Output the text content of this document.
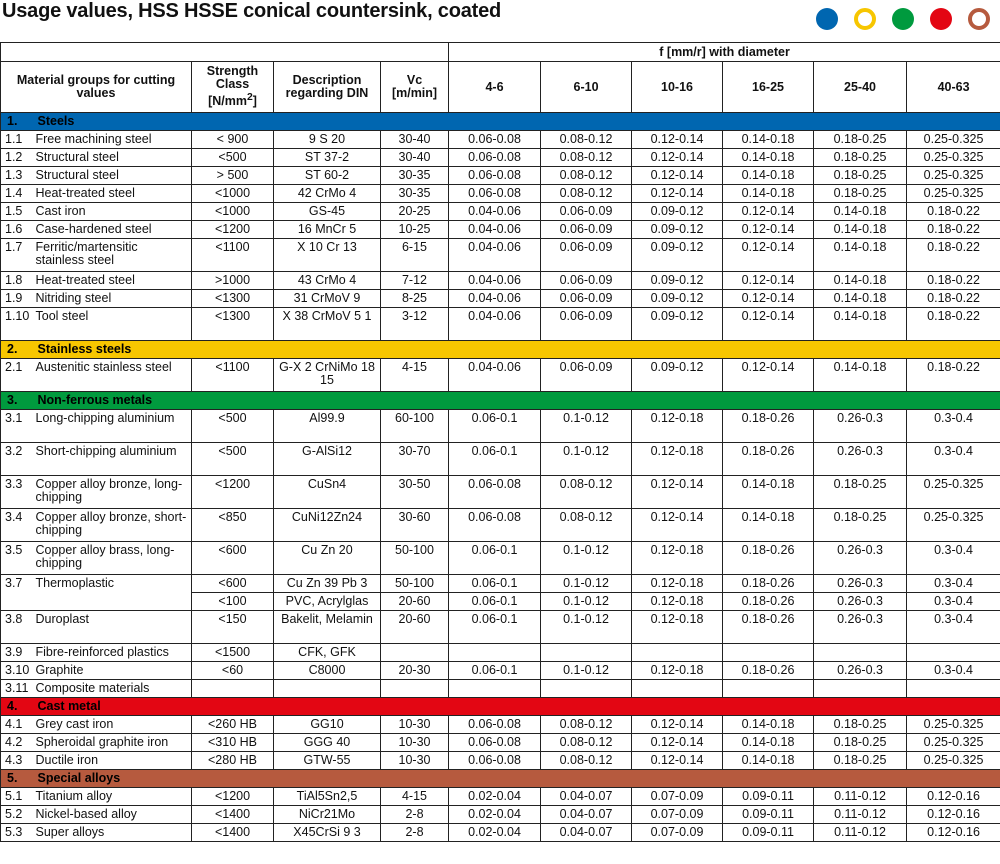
Usage values, HSS HSSE conical countersink, coated
					f [mm/r] with diameter					
Material groups for cutting values		Strength Class $[N/mm^2]$	Description regarding DIN	Vc [m/min]	4-6	6-10	10-16	16-25	25-40	40-63
1.	Steels									
1.1	Free machining steel	< 900	9 S 20	30-40	0.06-0.08	0.08-0.12	0.12-0.14	0.14-0.18	0.18-0.25	0.25-0.325
1.2	Structural steel	<500	ST 37-2	30-40	0.06-0.08	0.08-0.12	0.12-0.14	0.14-0.18	0.18-0.25	0.25-0.325
1.3	Structural steel	> 500	ST 60-2	30-35	0.06-0.08	0.08-0.12	0.12-0.14	0.14-0.18	0.18-0.25	0.25-0.325
1.4	Heat-treated steel	<1000	42 CrMo 4	30-35	0.06-0.08	0.08-0.12	0.12-0.14	0.14-0.18	0.18-0.25	0.25-0.325
1.5	Cast iron	<1000	GS-45	20-25	0.04-0.06	0.06-0.09	0.09-0.12	0.12-0.14	0.14-0.18	0.18-0.22
1.6	Case-hardened steel	<1200	16 MnCr 5	10-25	0.04-0.06	0.06-0.09	0.09-0.12	0.12-0.14	0.14-0.18	0.18-0.22
1.7	Ferritic/martensitic stainless steel	<1100	X 10 Cr 13	6-15	0.04-0.06	0.06-0.09	0.09-0.12	0.12-0.14	0.14-0.18	0.18-0.22
1.8	Heat-treated steel	>1000	43 CrMo 4	7-12	0.04-0.06	0.06-0.09	0.09-0.12	0.12-0.14	0.14-0.18	0.18-0.22
1.9	Nitriding steel	<1300	31 CrMoV 9	8-25	0.04-0.06	0.06-0.09	0.09-0.12	0.12-0.14	0.14-0.18	0.18-0.22
1.10	Tool steel	<1300	X 38 CrMoV 5 1	3-12	0.04-0.06	0.06-0.09	0.09-0.12	0.12-0.14	0.14-0.18	0.18-0.22
2.	Stainless steels									
2.1	Austenitic stainless steel	<1100	G-X 2 CrNiMo 18 15	4-15	0.04-0.06	0.06-0.09	0.09-0.12	0.12-0.14	0.14-0.18	0.18-0.22
3.	Non-ferrous metals									
3.1	Long-chipping aluminium	<500	Al99.9	60-100	0.06-0.1	0.1-0.12	0.12-0.18	0.18-0.26	0.26-0.3	0.3-0.4
3.2	Short-chipping aluminium	<500	G-AlSi12	30-70	0.06-0.1	0.1-0.12	0.12-0.18	0.18-0.26	0.26-0.3	0.3-0.4
3.3	Copper alloy bronze, long-chipping	<1200	CuSn4	30-50	0.06-0.08	0.08-0.12	0.12-0.14	0.14-0.18	0.18-0.25	0.25-0.325
3.4	Copper alloy bronze, short-chipping	<850	CuNi12Zn24	30-60	0.06-0.08	0.08-0.12	0.12-0.14	0.14-0.18	0.18-0.25	0.25-0.325
3.5	Copper alloy brass, long-chipping	<600	Cu Zn 20	50-100	0.06-0.1	0.1-0.12	0.12-0.18	0.18-0.26	0.26-0.3	0.3-0.4
3.7	Thermoplastic	<600	Cu Zn 39 Pb 3	50-100	0.06-0.1	0.1-0.12	0.12-0.18	0.18-0.26	0.26-0.3	0.3-0.4
		<100	PVC, Acrylglas	20-60	0.06-0.1	0.1-0.12	0.12-0.18	0.18-0.26	0.26-0.3	0.3-0.4
3.8	Duroplast	<150	Bakelit, Melamin	20-60	0.06-0.1	0.1-0.12	0.12-0.18	0.18-0.26	0.26-0.3	0.3-0.4
3.9	Fibre-reinforced plastics	<1500	CFK, GFK							
3.10	Graphite	<60	C8000	20-30	0.06-0.1	0.1-0.12	0.12-0.18	0.18-0.26	0.26-0.3	0.3-0.4
3.11	Composite materials									
4.	Cast metal									
4.1	Grey cast iron	<260 HB	GG10	10-30	0.06-0.08	0.08-0.12	0.12-0.14	0.14-0.18	0.18-0.25	0.25-0.325
4.2	Spheroidal graphite iron	<310 HB	GGG 40	10-30	0.06-0.08	0.08-0.12	0.12-0.14	0.14-0.18	0.18-0.25	0.25-0.325
4.3	Ductile iron	<280 HB	GTW-55	10-30	0.06-0.08	0.08-0.12	0.12-0.14	0.14-0.18	0.18-0.25	0.25-0.325
5.	Special alloys									
5.1	Titanium alloy	<1200	TiAl5Sn2,5	4-15	0.02-0.04	0.04-0.07	0.07-0.09	0.09-0.11	0.11-0.12	0.12-0.16
5.2	Nickel-based alloy	<1400	NiCr21Mo	2-8	0.02-0.04	0.04-0.07	0.07-0.09	0.09-0.11	0.11-0.12	0.12-0.16
5.3	Super alloys	<1400	X45CrSi 9 3	2-8	0.02-0.04	0.04-0.07	0.07-0.09	0.09-0.11	0.11-0.12	0.12-0.16
